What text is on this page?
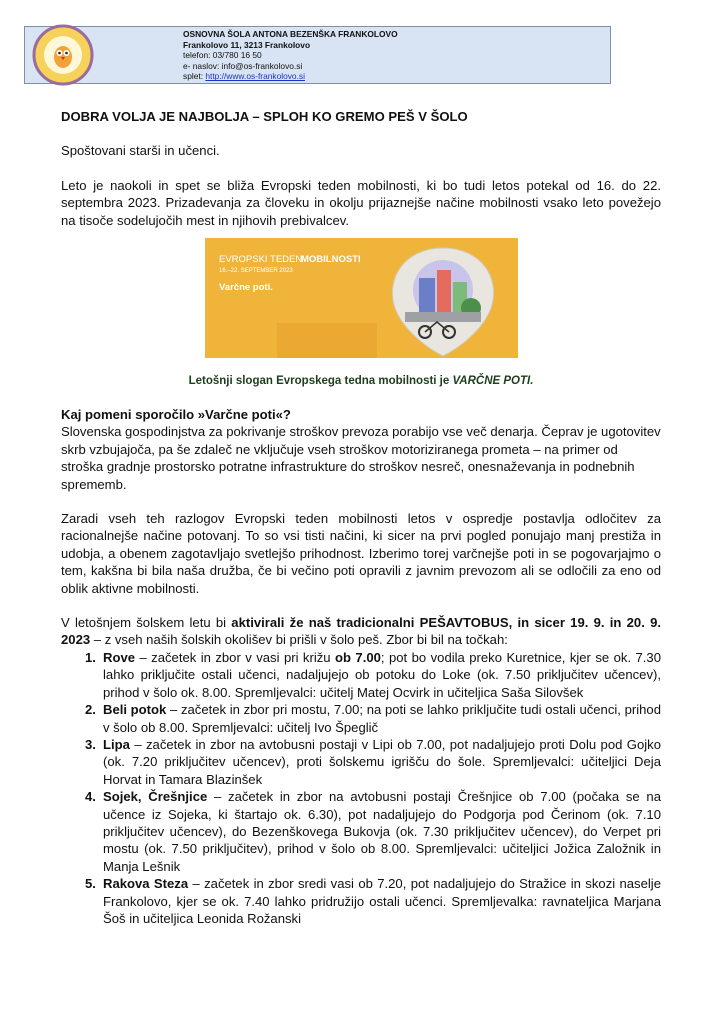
OSNOVNA ŠOLA ANTONA BEZENŠKA FRANKOLOVO
Frankolovo 11, 3213 Frankolovo
telefon: 03/780 16 50
e- naslov: info@os-frankolovo.si
splet: http://www.os-frankolovo.si
DOBRA VOLJA JE NAJBOLJA – SPLOH KO GREMO PEŠ V ŠOLO

Spoštovani starši in učenci.

Leto je naokoli in spet se bliža Evropski teden mobilnosti, ki bo tudi letos potekal od 16. do 22. septembra 2023. Prizadevanja za človeku in okolju prijaznejše načine mobilnosti vsako leto povežejo na tisoče sodelujočih mest in njihovih prebivalcev.

EVROPSKI TEDEN
MOBILNOSTI
16.–22. SEPTEMBER 2023
Varčne poti.
Letošnji slogan Evropskega tedna mobilnosti je VARČNE POTI.

Kaj pomeni sporočilo »Varčne poti«?

Slovenska gospodinjstva za pokrivanje stroškov prevoza porabijo vse več denarja. Čeprav je ugotovitev skrb vzbujajoča, pa še zdaleč ne vključuje vseh stroškov motoriziranega prometa – na primer od stroška gradnje prostorsko potratne infrastrukture do stroškov nesreč, onesnaževanja in podnebnih sprememb.

Zaradi vseh teh razlogov Evropski teden mobilnosti letos v ospredje postavlja odločitev za racionalnejše načine potovanj. To so vsi tisti načini, ki sicer na prvi pogled ponujajo manj prestiža in udobja, a obenem zagotavljajo svetlejšo prihodnost. Izberimo torej varčnejše poti in se pogovarjajmo o tem, kakšna bi bila naša družba, če bi večino poti opravili z javnim prevozom ali se odločili za eno od oblik aktivne mobilnosti.

V letošnjem šolskem letu bi aktivirali že naš tradicionalni PEŠAVTOBUS, in sicer 19. 9. in 20. 9. 2023 – z vseh naših šolskih okolišev bi prišli v šolo peš. Zbor bi bil na točkah:

1. Rove – začetek in zbor v vasi pri križu ob 7.00; pot bo vodila preko Kuretnice, kjer se ok. 7.30 lahko priključite ostali učenci, nadaljujejo ob potoku do Loke (ok. 7.50 priključitev učencev), prihod v šolo ok. 8.00. Spremljevalci: učitelj Matej Ocvirk in učiteljica Saša Silovšek
2. Beli potok – začetek in zbor pri mostu, 7.00; na poti se lahko priključite tudi ostali učenci, prihod v šolo ob 8.00. Spremljevalci: učitelj Ivo Špeglič
3. Lipa – začetek in zbor na avtobusni postaji v Lipi ob 7.00, pot nadaljujejo proti Dolu pod Gojko (ok. 7.20 priključitev učencev), proti šolskemu igrišču do šole. Spremljevalci: učiteljici Deja Horvat in Tamara Blazinšek
4. Sojek, Črešnjice – začetek in zbor na avtobusni postaji Črešnjice ob 7.00 (počaka se na učence iz Sojeka, ki štartajo ok. 6.30), pot nadaljujejo do Podgorja pod Čerinom (ok. 7.10 priključitev učencev), do Bezenškovega Bukovja (ok. 7.30 priključitev učencev), do Verpet pri mostu (ok. 7.50 priključitev), prihod v šolo ob 8.00. Spremljevalci: učiteljici Jožica Založnik in Manja Lešnik
5. Rakova Steza – začetek in zbor sredi vasi ob 7.20, pot nadaljujejo do Stražice in skozi naselje Frankolovo, kjer se ok. 7.40 lahko pridružijo ostali učenci. Spremljevalka: ravnateljica Marjana Šoš in učiteljica Leonida Rožanski
